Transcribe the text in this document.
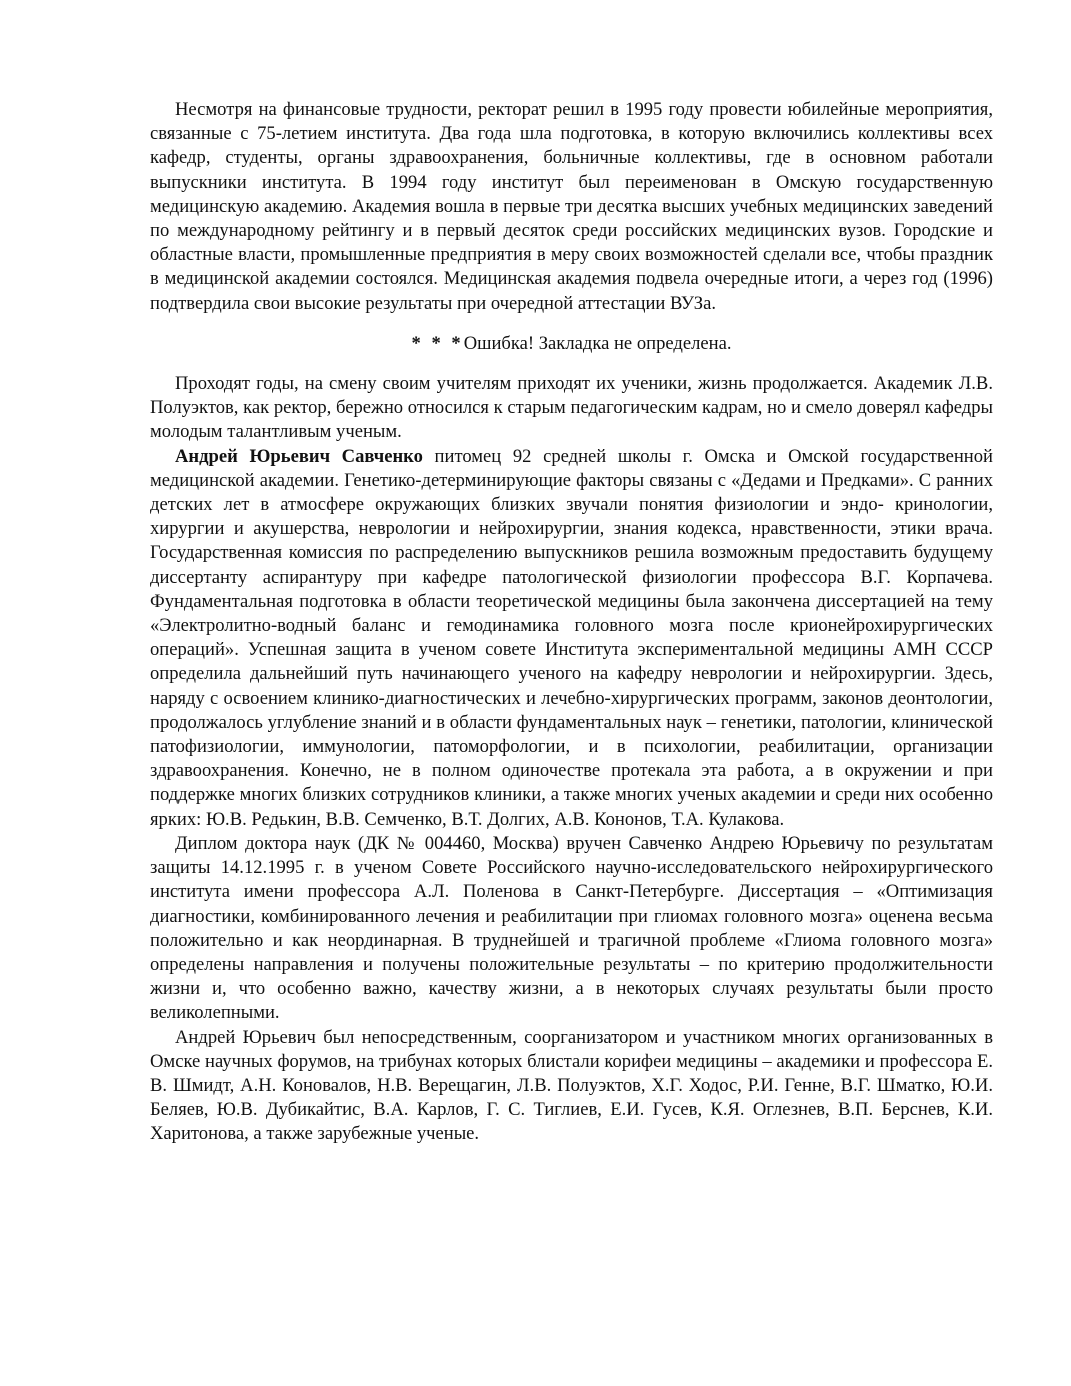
Несмотря на финансовые трудности, ректорат решил в 1995 году провести юбилейные мероприятия, связанные с 75-летием института. Два года шла подготовка, в которую включились коллективы всех кафедр, студенты, органы здравоохранения, больничные коллективы, где в основном работали выпускники института. В 1994 году институт был переименован в Омскую государственную медицинскую академию. Академия вошла в первые три десятка высших учебных медицинских заведений по международному рейтингу и в первый десяток среди российских медицинских вузов. Городские и областные власти, промышленные предприятия в меру своих возможностей сделали все, чтобы праздник в медицинской академии состоялся. Медицинская академия подвела очередные итоги, а через год (1996) подтвердила свои высокие результаты при очередной аттестации ВУЗа.

* * *Ошибка! Закладка не определена.

Проходят годы, на смену своим учителям приходят их ученики, жизнь продолжается. Академик Л.В. Полуэктов, как ректор, бережно относился к старым педагогическим кадрам, но и смело доверял кафедры молодым талантливым ученым.

Андрей Юрьевич Савченко питомец 92 средней школы г. Омска и Омской государственной медицинской академии. Генетико-детерминирующие факторы связаны с «Дедами и Предками». С ранних детских лет в атмосфере окружающих близких звучали понятия физиологии и эндо- кринологии, хирургии и акушерства, неврологии и нейрохирургии, знания кодекса, нравственности, этики врача. Государственная комиссия по распределению выпускников решила возможным предоставить будущему диссертанту аспирантуру при кафедре патологической физиологии профессора В.Г. Корпачева. Фундаментальная подготовка в области теоретической медицины была закончена диссертацией на тему «Электролитно-водный баланс и гемодинамика головного мозга после крионейрохирургических операций». Успешная защита в ученом совете Института экспериментальной медицины АМН СССР определила дальнейший путь начинающего ученого на кафедру неврологии и нейрохирургии. Здесь, наряду с освоением клинико-диагностических и лечебно-хирургических программ, законов деонтологии, продолжалось углубление знаний и в области фундаментальных наук – генетики, патологии, клинической патофизиологии, иммунологии, патоморфологии, и в психологии, реабилитации, организации здравоохранения. Конечно, не в полном одиночестве протекала эта работа, а в окружении и при поддержке многих близких сотрудников клиники, а также многих ученых академии и среди них особенно ярких: Ю.В. Редькин, В.В. Семченко, В.Т. Долгих, А.В. Кононов, Т.А. Кулакова.

Диплом доктора наук (ДК № 004460, Москва) вручен Савченко Андрею Юрьевичу по результатам защиты 14.12.1995 г. в ученом Совете Российского научно-исследовательского нейрохирургического института имени профессора А.Л. Поленова в Санкт-Петербурге. Диссертация – «Оптимизация диагностики, комбинированного лечения и реабилитации при глиомах головного мозга» оценена весьма положительно и как неординарная. В труднейшей и трагичной проблеме «Глиома головного мозга» определены направления и получены положительные результаты – по критерию продолжительности жизни и, что особенно важно, качеству жизни, а в некоторых случаях результаты были просто великолепными.

Андрей Юрьевич был непосредственным, соорганизатором и участником многих организованных в Омске научных форумов, на трибунах которых блистали корифеи медицины – академики и профессора Е. В. Шмидт, А.Н. Коновалов, Н.В. Верещагин, Л.В. Полуэктов, Х.Г. Ходос, Р.И. Генне, В.Г. Шматко, Ю.И. Беляев, Ю.В. Дубикайтис, В.А. Карлов, Г. С. Тиглиев, Е.И. Гусев, К.Я. Оглезнев, В.П. Берснев, К.И. Харитонова, а также зарубежные ученые.
